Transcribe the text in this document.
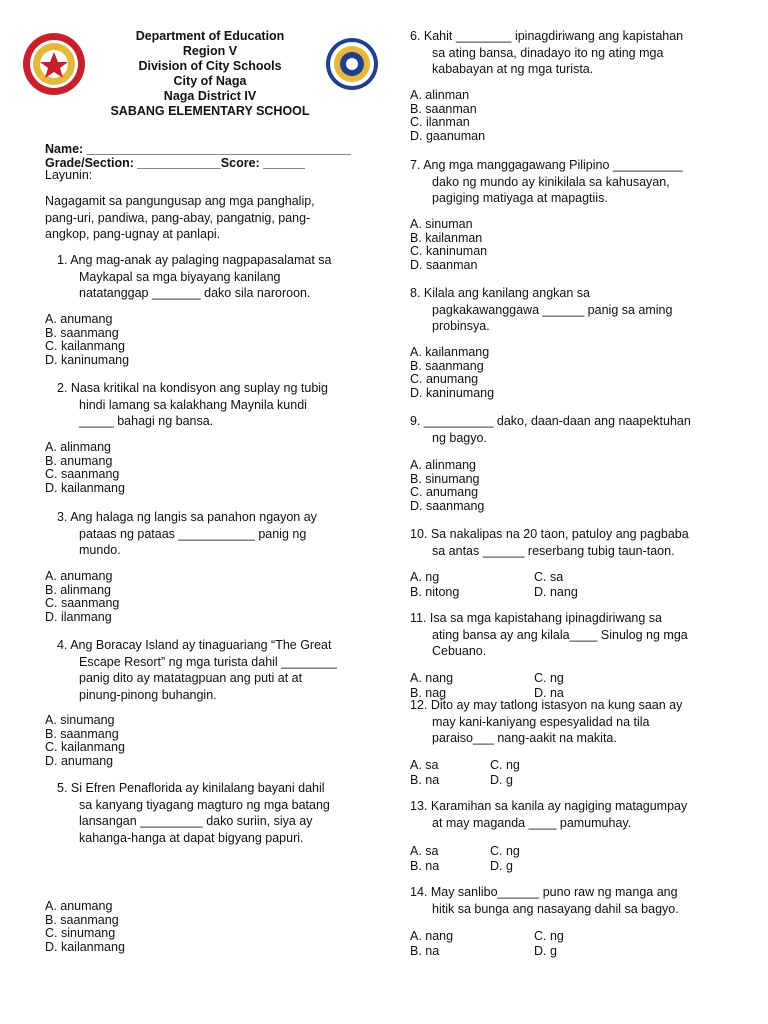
Department of Education
Region V
Division of City Schools
City of Naga
Naga District IV
SABANG ELEMENTARY SCHOOL
Name: ______________________________________
Grade/Section: ____________Score: ______
Layunin:
Nagagamit sa pangungusap ang mga panghalip,
pang-uri, pandiwa, pang-abay, pangatnig, pang-
angkop, pang-ugnay at panlapi.
1. Ang mag-anak ay palaging nagpapasalamat sa
Maykapal sa mga biyayang kanilang
natatanggap _______ dako sila naroroon.
A. anumang
B. saanmang
C. kailanmang
D. kaninumang
2. Nasa kritikal na kondisyon ang suplay ng tubig
hindi lamang sa kalakhang Maynila kundi
_____ bahagi ng bansa.
A. alinmang
B. anumang
C. saanmang
D. kailanmang
3. Ang halaga ng langis sa panahon ngayon ay
pataas ng pataas ___________ panig ng
mundo.
A. anumang
B. alinmang
C. saanmang
D. ilanmang
4. Ang Boracay Island ay tinaguariang “The Great
Escape Resort” ng mga turista dahil ________
panig dito ay matatagpuan ang puti at at
pinung-pinong buhangin.
A. sinumang
B. saanmang
C. kailanmang
D. anumang
5. Si Efren Penaflorida ay kinilalang bayani dahil
sa kanyang tiyagang magturo ng mga batang
lansangan _________ dako suriin, siya ay
kahanga-hanga at dapat bigyang papuri.
A. anumang
B. saanmang
C. sinumang
D. kailanmang
6. Kahit ________ ipinagdiriwang ang kapistahan
sa ating bansa, dinadayo ito ng ating mga
kababayan at ng mga turista.
A. alinman
B. saanman
C. ilanman
D. gaanuman
7. Ang mga manggagawang Pilipino __________
dako ng mundo ay kinikilala sa kahusayan,
pagiging matiyaga at mapagtiis.
A. sinuman
B. kailanman
C. kaninuman
D. saanman
8. Kilala ang kanilang angkan sa
pagkakawanggawa ______ panig sa aming
probinsya.
A. kailanmang
B. saanmang
C. anumang
D. kaninumang
9. __________ dako, daan-daan ang naapektuhan
ng bagyo.
A. alinmang
B. sinumang
C. anumang
D. saanmang
10. Sa nakalipas na 20 taon, patuloy ang pagbaba
sa antas ______ reserbang tubig taun-taon.
A. ng	C. sa
B. nitong	D. nang
11. Isa sa mga kapistahang ipinagdiriwang sa
ating bansa ay ang kilala____ Sinulog ng mga
Cebuano.
A. nang	C. ng
B. nag	D. na
12. Dito ay may tatlong istasyon na kung saan ay
may kani-kaniyang espesyalidad na tila
paraiso___ nang-aakit na makita.
A. sa	C. ng
B. na	D. g
13. Karamihan sa kanila ay nagiging matagumpay
at may maganda ____ pamumuhay.
A. sa	C. ng
B. na	D. g
14. May sanlibo______ puno raw ng manga ang
hitik sa bunga ang nasayang dahil sa bagyo.
A. nang	C. ng
B. na	D. g
